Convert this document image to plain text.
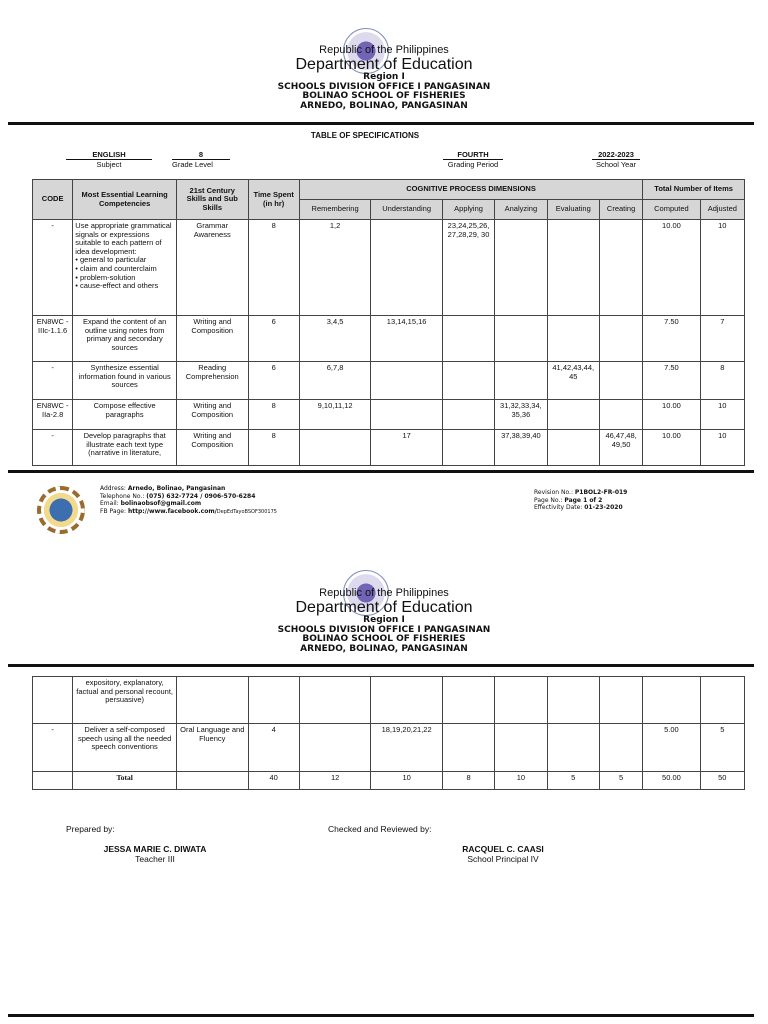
Republic of the Philippines
Department of Education
Region I
SCHOOLS DIVISION OFFICE I PANGASINAN
BOLINAO SCHOOL OF FISHERIES
ARNEDO, BOLINAO, PANGASINAN
TABLE OF SPECIFICATIONS
ENGLISH
Subject
8
Grade Level
FOURTH
Grading Period
2022-2023
School Year
CODE	Most Essential Learning Competencies	21st Century Skills and Sub Skills	Time Spent (in hr)	COGNITIVE PROCESS DIMENSIONS						Total Number of Items	
				Remembering	Understanding	Applying	Analyzing	Evaluating	Creating	Computed	Adjusted
-	Use appropriate grammatical signals or expressions suitable to each pattern of idea development:
• general to particular
• claim and counterclaim
• problem-solution
• cause-effect and others	Grammar Awareness	8	1,2		23,24,25,26, 27,28,29, 30				10.00	10
EN8WC -IIIc-1.1.6	Expand the content of an outline using notes from primary and secondary sources	Writing and Composition	6	3,4,5	13,14,15,16					7.50	7
-	Synthesize essential information found in various sources	Reading Comprehension	6	6,7,8				41,42,43,44, 45		7.50	8
EN8WC -IIa-2.8	Compose effective paragraphs	Writing and Composition	8	9,10,11,12			31,32,33,34, 35,36			10.00	10
-	Develop paragraphs that illustrate each text type (narrative in literature,	Writing and Composition	8		17		37,38,39,40		46,47,48, 49,50	10.00	10
Address: Arnedo, Bolinao, Pangasinan
Telephone No.: (075) 632-7724 / 0906-570-6284
Email: bolinaobsof@gmail.com
FB Page: http://www.facebook.com/DepEdTayoBSOF300175
Revision No.: P1BOL2-FR-019
Page No.: Page 1 of 2
Effectivity Date: 01-23-2020
Republic of the Philippines
Department of Education
Region I
SCHOOLS DIVISION OFFICE I PANGASINAN
BOLINAO SCHOOL OF FISHERIES
ARNEDO, BOLINAO, PANGASINAN
	expository, explanatory, factual and personal recount, persuasive)										
-	Deliver a self-composed speech using all the needed speech conventions	Oral Language and Fluency	4		18,19,20,21,22					5.00	5
	Total		40	12	10	8	10	5	5	50.00	50
Prepared by:	Checked and Reviewed by:
JESSA MARIE C. DIWATA
Teacher III
RACQUEL C. CAASI
School Principal IV
